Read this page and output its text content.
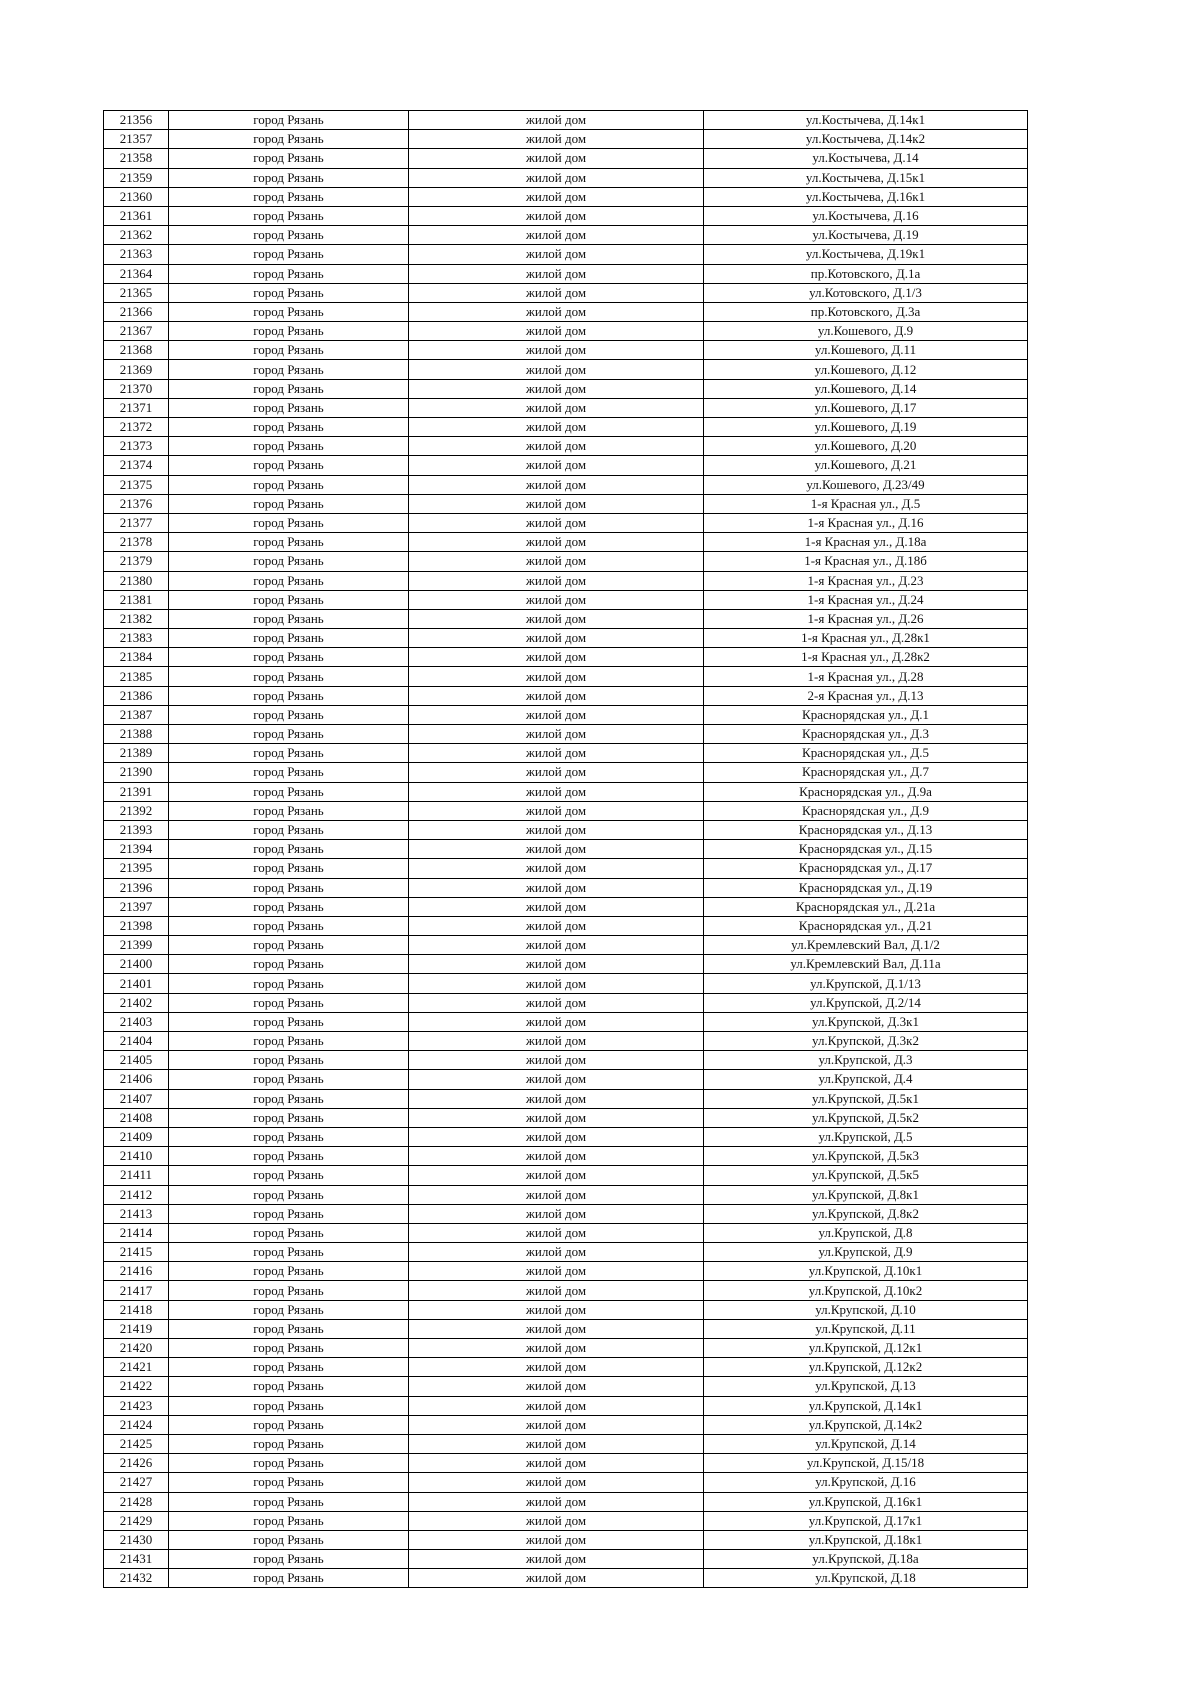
21356	город Рязань	жилой дом	ул.Костычева, Д.14к1
21357	город Рязань	жилой дом	ул.Костычева, Д.14к2
21358	город Рязань	жилой дом	ул.Костычева, Д.14
21359	город Рязань	жилой дом	ул.Костычева, Д.15к1
21360	город Рязань	жилой дом	ул.Костычева, Д.16к1
21361	город Рязань	жилой дом	ул.Костычева, Д.16
21362	город Рязань	жилой дом	ул.Костычева, Д.19
21363	город Рязань	жилой дом	ул.Костычева, Д.19к1
21364	город Рязань	жилой дом	пр.Котовского, Д.1а
21365	город Рязань	жилой дом	ул.Котовского, Д.1/3
21366	город Рязань	жилой дом	пр.Котовского, Д.3а
21367	город Рязань	жилой дом	ул.Кошевого, Д.9
21368	город Рязань	жилой дом	ул.Кошевого, Д.11
21369	город Рязань	жилой дом	ул.Кошевого, Д.12
21370	город Рязань	жилой дом	ул.Кошевого, Д.14
21371	город Рязань	жилой дом	ул.Кошевого, Д.17
21372	город Рязань	жилой дом	ул.Кошевого, Д.19
21373	город Рязань	жилой дом	ул.Кошевого, Д.20
21374	город Рязань	жилой дом	ул.Кошевого, Д.21
21375	город Рязань	жилой дом	ул.Кошевого, Д.23/49
21376	город Рязань	жилой дом	1-я Красная ул., Д.5
21377	город Рязань	жилой дом	1-я Красная ул., Д.16
21378	город Рязань	жилой дом	1-я Красная ул., Д.18а
21379	город Рязань	жилой дом	1-я Красная ул., Д.18б
21380	город Рязань	жилой дом	1-я Красная ул., Д.23
21381	город Рязань	жилой дом	1-я Красная ул., Д.24
21382	город Рязань	жилой дом	1-я Красная ул., Д.26
21383	город Рязань	жилой дом	1-я Красная ул., Д.28к1
21384	город Рязань	жилой дом	1-я Красная ул., Д.28к2
21385	город Рязань	жилой дом	1-я Красная ул., Д.28
21386	город Рязань	жилой дом	2-я Красная ул., Д.13
21387	город Рязань	жилой дом	Краснорядская ул., Д.1
21388	город Рязань	жилой дом	Краснорядская ул., Д.3
21389	город Рязань	жилой дом	Краснорядская ул., Д.5
21390	город Рязань	жилой дом	Краснорядская ул., Д.7
21391	город Рязань	жилой дом	Краснорядская ул., Д.9а
21392	город Рязань	жилой дом	Краснорядская ул., Д.9
21393	город Рязань	жилой дом	Краснорядская ул., Д.13
21394	город Рязань	жилой дом	Краснорядская ул., Д.15
21395	город Рязань	жилой дом	Краснорядская ул., Д.17
21396	город Рязань	жилой дом	Краснорядская ул., Д.19
21397	город Рязань	жилой дом	Краснорядская ул., Д.21а
21398	город Рязань	жилой дом	Краснорядская ул., Д.21
21399	город Рязань	жилой дом	ул.Кремлевский Вал, Д.1/2
21400	город Рязань	жилой дом	ул.Кремлевский Вал, Д.11а
21401	город Рязань	жилой дом	ул.Крупской, Д.1/13
21402	город Рязань	жилой дом	ул.Крупской, Д.2/14
21403	город Рязань	жилой дом	ул.Крупской, Д.3к1
21404	город Рязань	жилой дом	ул.Крупской, Д.3к2
21405	город Рязань	жилой дом	ул.Крупской, Д.3
21406	город Рязань	жилой дом	ул.Крупской, Д.4
21407	город Рязань	жилой дом	ул.Крупской, Д.5к1
21408	город Рязань	жилой дом	ул.Крупской, Д.5к2
21409	город Рязань	жилой дом	ул.Крупской, Д.5
21410	город Рязань	жилой дом	ул.Крупской, Д.5к3
21411	город Рязань	жилой дом	ул.Крупской, Д.5к5
21412	город Рязань	жилой дом	ул.Крупской, Д.8к1
21413	город Рязань	жилой дом	ул.Крупской, Д.8к2
21414	город Рязань	жилой дом	ул.Крупской, Д.8
21415	город Рязань	жилой дом	ул.Крупской, Д.9
21416	город Рязань	жилой дом	ул.Крупской, Д.10к1
21417	город Рязань	жилой дом	ул.Крупской, Д.10к2
21418	город Рязань	жилой дом	ул.Крупской, Д.10
21419	город Рязань	жилой дом	ул.Крупской, Д.11
21420	город Рязань	жилой дом	ул.Крупской, Д.12к1
21421	город Рязань	жилой дом	ул.Крупской, Д.12к2
21422	город Рязань	жилой дом	ул.Крупской, Д.13
21423	город Рязань	жилой дом	ул.Крупской, Д.14к1
21424	город Рязань	жилой дом	ул.Крупской, Д.14к2
21425	город Рязань	жилой дом	ул.Крупской, Д.14
21426	город Рязань	жилой дом	ул.Крупской, Д.15/18
21427	город Рязань	жилой дом	ул.Крупской, Д.16
21428	город Рязань	жилой дом	ул.Крупской, Д.16к1
21429	город Рязань	жилой дом	ул.Крупской, Д.17к1
21430	город Рязань	жилой дом	ул.Крупской, Д.18к1
21431	город Рязань	жилой дом	ул.Крупской, Д.18а
21432	город Рязань	жилой дом	ул.Крупской, Д.18
